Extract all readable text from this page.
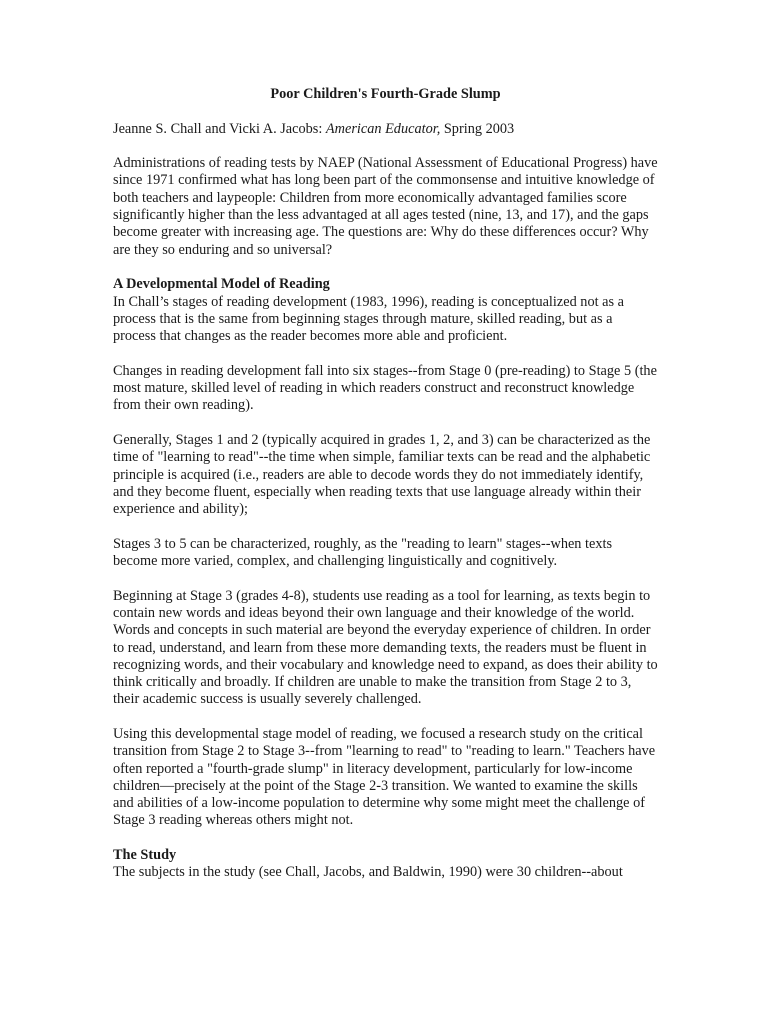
Poor Children's Fourth-Grade Slump

Jeanne S. Chall and Vicki A. Jacobs: American Educator, Spring 2003

Administrations of reading tests by NAEP (National Assessment of Educational Progress) have since 1971 confirmed what has long been part of the commonsense and intuitive knowledge of both teachers and laypeople: Children from more economically advantaged families score significantly higher than the less advantaged at all ages tested (nine, 13, and 17), and the gaps become greater with increasing age. The questions are: Why do these differences occur? Why are they so enduring and so universal?

A Developmental Model of Reading

In Chall’s stages of reading development (1983, 1996), reading is conceptualized not as a process that is the same from beginning stages through mature, skilled reading, but as a process that changes as the reader becomes more able and proficient.

Changes in reading development fall into six stages--from Stage 0 (pre-reading) to Stage 5 (the most mature, skilled level of reading in which readers construct and reconstruct knowledge from their own reading).

Generally, Stages 1 and 2 (typically acquired in grades 1, 2, and 3) can be characterized as the time of "learning to read"--the time when simple, familiar texts can be read and the alphabetic principle is acquired (i.e., readers are able to decode words they do not immediately identify, and they become fluent, especially when reading texts that use language already within their experience and ability);

Stages 3 to 5 can be characterized, roughly, as the "reading to learn" stages--when texts become more varied, complex, and challenging linguistically and cognitively.

Beginning at Stage 3 (grades 4-8), students use reading as a tool for learning, as texts begin to contain new words and ideas beyond their own language and their knowledge of the world. Words and concepts in such material are beyond the everyday experience of children. In order to read, understand, and learn from these more demanding texts, the readers must be fluent in recognizing words, and their vocabulary and knowledge need to expand, as does their ability to think critically and broadly. If children are unable to make the transition from Stage 2 to 3, their academic success is usually severely challenged.

Using this developmental stage model of reading, we focused a research study on the critical transition from Stage 2 to Stage 3--from "learning to read" to "reading to learn." Teachers have often reported a "fourth-grade slump" in literacy development, particularly for low-income children—precisely at the point of the Stage 2-3 transition. We wanted to examine the skills and abilities of a low-income population to determine why some might meet the challenge of Stage 3 reading whereas others might not.

The Study

The subjects in the study (see Chall, Jacobs, and Baldwin, 1990) were 30 children--about
